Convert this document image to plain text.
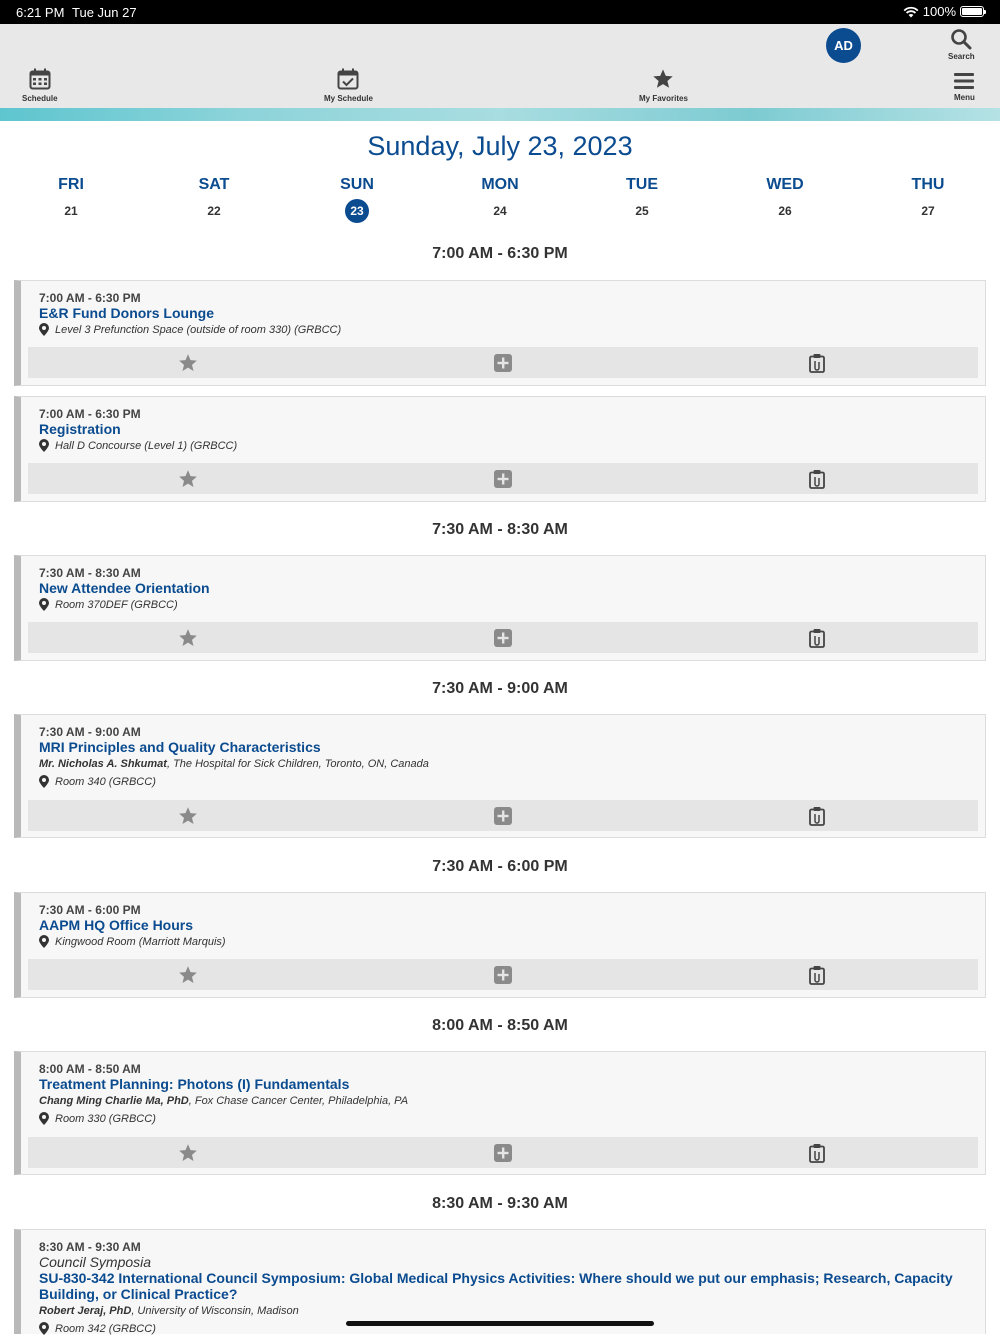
6:21 PM Tue Jun 27	100%
Schedule	My Schedule	My Favorites
AD
Search
Menu
Sunday, July 23, 2023
FRI
21
SAT
22
SUN
23
MON
24
TUE
25
WED
26
THU
27
7:00 AM - 6:30 PM
7:00 AM - 6:30 PM
E&R Fund Donors Lounge
Level 3 Prefunction Space (outside of room 330) (GRBCC)
7:00 AM - 6:30 PM
Registration
Hall D Concourse (Level 1) (GRBCC)
7:30 AM - 8:30 AM
7:30 AM - 8:30 AM
New Attendee Orientation
Room 370DEF (GRBCC)
7:30 AM - 9:00 AM
7:30 AM - 9:00 AM
MRI Principles and Quality Characteristics
Mr. Nicholas A. Shkumat, The Hospital for Sick Children, Toronto, ON, Canada
Room 340 (GRBCC)
7:30 AM - 6:00 PM
7:30 AM - 6:00 PM
AAPM HQ Office Hours
Kingwood Room (Marriott Marquis)
8:00 AM - 8:50 AM
8:00 AM - 8:50 AM
Treatment Planning: Photons (I) Fundamentals
Chang Ming Charlie Ma, PhD, Fox Chase Cancer Center, Philadelphia, PA
Room 330 (GRBCC)
8:30 AM - 9:30 AM
8:30 AM - 9:30 AM
Council Symposia
SU-830-342 International Council Symposium: Global Medical Physics Activities: Where should we put our emphasis; Research, Capacity Building, or Clinical Practice?
Robert Jeraj, PhD, University of Wisconsin, Madison
Room 342 (GRBCC)
